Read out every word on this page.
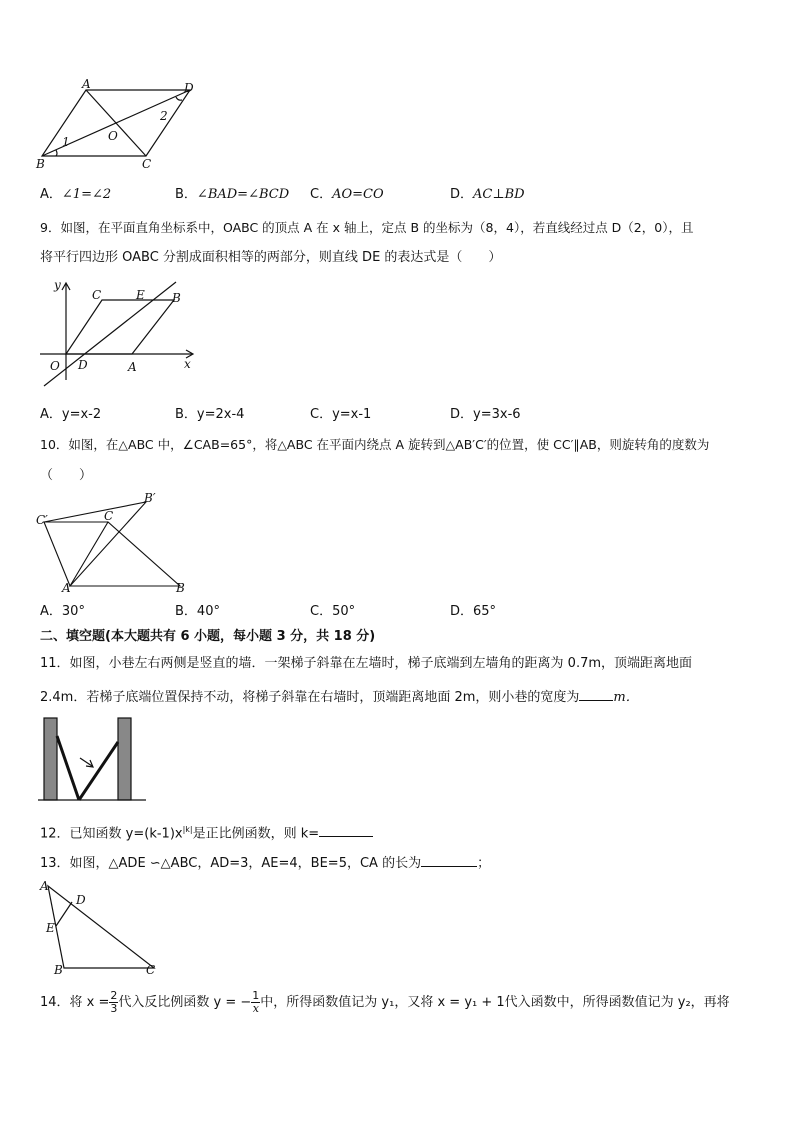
A	D
B	C
O
1
2
A．∠1=∠2	B．∠BAD=∠BCD C．AO=CO	D．AC⊥BD
9．如图，在平面直角坐标系中，OABC 的顶点 A 在 x 轴上，定点 B 的坐标为（8，4），若直线经过点 D（2，0），且
将平行四边形 OABC 分割成面积相等的两部分，则直线 DE 的表达式是（　　）
y
x
C	E B
O D	A
A．y=x-2	B．y=2x-4	C．y=x-1	D．y=3x-6
10．如图，在△ABC 中，∠CAB=65°，将△ABC 在平面内绕点 A 旋转到△AB′C′的位置，使 CC′∥AB，则旋转角的度数为
（　　）
C′	C
B′
A	B
A．30°	B．40°	C．50°	D．65°
二、填空题(本大题共有 6 小题，每小题 3 分，共 18 分)
11．如图，小巷左右两侧是竖直的墙．一架梯子斜靠在左墙时，梯子底端到左墙角的距离为 0.7m，顶端距离地面
2.4m．若梯子底端位置保持不动，将梯子斜靠在右墙时，顶端距离地面 2m，则小巷的宽度为	m．
12．已知函数 $y=(k-1)x^{|k|}$是正比例函数，则 k=
13．如图，△ADE ∽△ABC，AD=3，AE=4，BE=5，CA 的长为	；
A
D
E
B	C
14．将 $x = \frac{2}{3}$ 代入反比例函数 y = − $\frac{1}{x}$ 中，所得函数值记为 y₁，又将 x = y₁ + 1代入函数中，所得函数值记为 y₂，再将
